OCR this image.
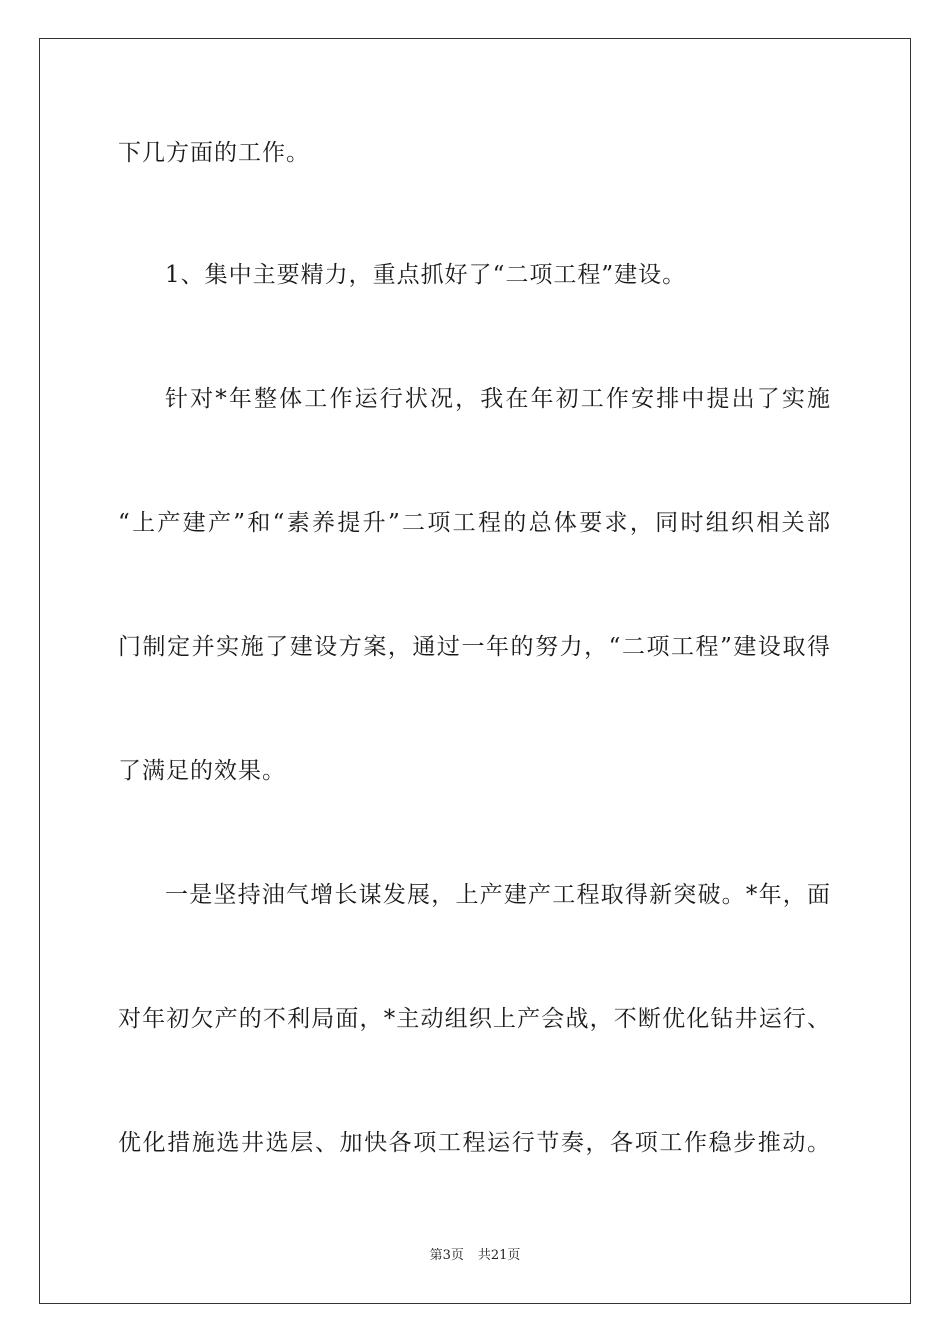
下几方面的工作。
1、集中主要精力，重点抓好了“二项工程”建设。
针对*年整体工作运行状况，我在年初工作安排中提出了实施
“上产建产”和“素养提升”二项工程的总体要求，同时组织相关部
门制定并实施了建设方案，通过一年的努力，“二项工程”建设取得
了满足的效果。
一是坚持油气增长谋发展，上产建产工程取得新突破。*年，面
对年初欠产的不利局面，*主动组织上产会战，不断优化钻井运行、
优化措施选井选层、加快各项工程运行节奏，各项工作稳步推动。
第3页 共21页
